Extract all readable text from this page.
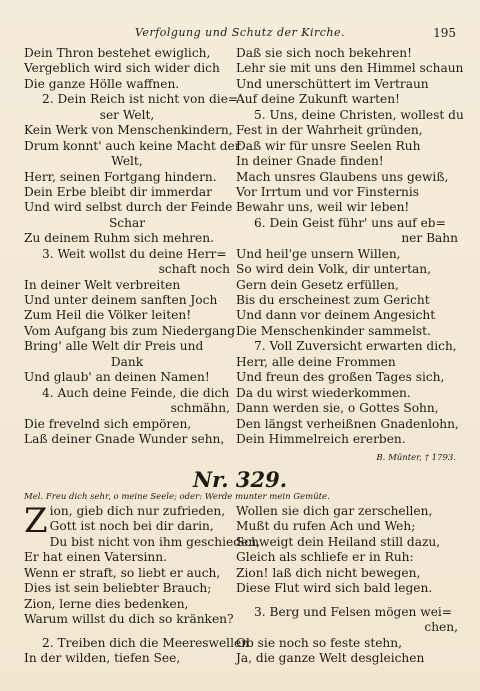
Verfolgung und Schutz der Kirche.	195
Dein Thron bestehet ewiglich,
Vergeblich wird sich wider dich
Die ganze Hölle waffnen.
2. Dein Reich ist nicht von die=
ser Welt,
Kein Werk von Menschenkindern,
Drum konnt' auch keine Macht der
Welt,
Herr, seinen Fortgang hindern.
Dein Erbe bleibt dir immerdar
Und wird selbst durch der Feinde
Schar
Zu deinem Ruhm sich mehren.
3. Weit wollst du deine Herr=
schaft noch
In deiner Welt verbreiten
Und unter deinem sanften Joch
Zum Heil die Völker leiten!
Vom Aufgang bis zum Niedergang
Bring' alle Welt dir Preis und
Dank
Und glaub' an deinen Namen!
4. Auch deine Feinde, die dich
schmähn,
Die frevelnd sich empören,
Laß deiner Gnade Wunder sehn,
Daß sie sich noch bekehren!
Lehr sie mit uns den Himmel schaun
Und unerschüttert im Vertraun
Auf deine Zukunft warten!
5. Uns, deine Christen, wollest du
Fest in der Wahrheit gründen,
Daß wir für unsre Seelen Ruh
In deiner Gnade finden!
Mach unsres Glaubens uns gewiß,
Vor Irrtum und vor Finsternis
Bewahr uns, weil wir leben!
6. Dein Geist führ' uns auf eb=
ner Bahn
Und heil'ge unsern Willen,
So wird dein Volk, dir untertan,
Gern dein Gesetz erfüllen,
Bis du erscheinest zum Gericht
Und dann vor deinem Angesicht
Die Menschenkinder sammelst.
7. Voll Zuversicht erwarten dich,
Herr, alle deine Frommen
Und freun des großen Tages sich,
Da du wirst wiederkommen.
Dann werden sie, o Gottes Sohn,
Den längst verheißnen Gnadenlohn,
Dein Himmelreich ererben.
B. Münter, † 1793.
Nr. 329.
Mel. Freu dich sehr, o meine Seele; oder: Werde munter mein Gemüte.
Z ion, gieb dich nur zufrieden,
Gott ist noch bei dir darin,
Du bist nicht von ihm geschieden,
Er hat einen Vatersinn.
Wenn er straft, so liebt er auch,
Dies ist sein beliebter Brauch;
Zion, lerne dies bedenken,
Warum willst du dich so kränken?
2. Treiben dich die Meereswellen
In der wilden, tiefen See,
Wollen sie dich gar zerschellen,
Mußt du rufen Ach und Weh;
Schweigt dein Heiland still dazu,
Gleich als schliefe er in Ruh:
Zion! laß dich nicht bewegen,
Diese Flut wird sich bald legen.
3. Berg und Felsen mögen wei=
chen,
Ob sie noch so feste stehn,
Ja, die ganze Welt desgleichen
